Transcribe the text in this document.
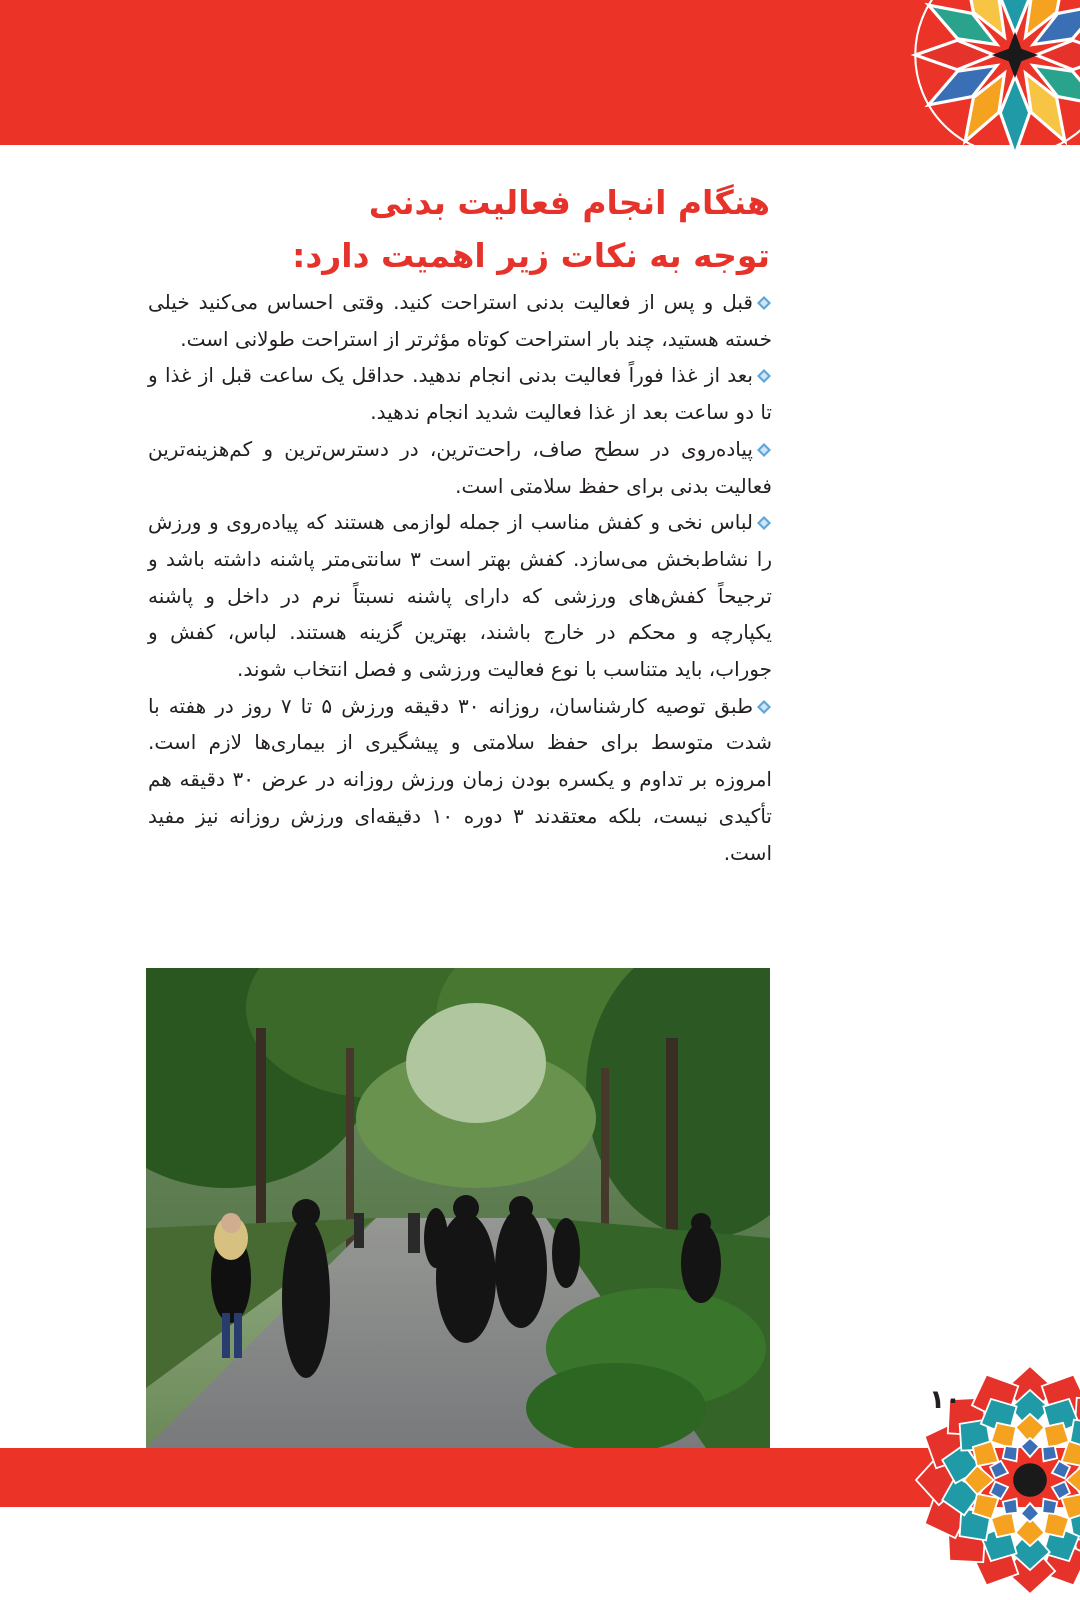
هنگام انجام فعالیت بدنی
توجه به نکات زیر اهمیت دارد:

قبل و پس از فعالیت بدنی استراحت کنید. وقتی احساس می‌کنید خیلی خسته هستید، چند بار استراحت کوتاه مؤثرتر از استراحت طولانی است.

بعد از غذا فوراً فعالیت بدنی انجام ندهید. حداقل یک ساعت قبل از غذا و تا دو ساعت بعد از غذا فعالیت شدید انجام ندهید.

پیاده‌روی در سطح صاف، راحت‌ترین، در دسترس‌ترین و کم‌هزینه‌ترین فعالیت بدنی برای حفظ سلامتی است.

لباس نخی و کفش مناسب از جمله لوازمی هستند که پیاده‌روی و ورزش را نشاط‌بخش می‌سازد. کفش بهتر است ۳ سانتی‌متر پاشنه داشته باشد و ترجیحاً کفش‌های ورزشی که دارای پاشنه نسبتاً نرم در داخل و پاشنه یکپارچه و محکم در خارج باشند، بهترین گزینه هستند. لباس، کفش و جوراب، باید متناسب با نوع فعالیت ورزشی و فصل انتخاب شوند.

طبق توصیه کارشناسان، روزانه ۳۰ دقیقه ورزش ۵ تا ۷ روز در هفته با شدت متوسط برای حفظ سلامتی و پیشگیری از بیماری‌ها لازم است. امروزه بر تداوم و یکسره بودن زمان ورزش روزانه در عرض ۳۰ دقیقه هم تأکیدی نیست، بلکه معتقدند ۳ دوره ۱۰ دقیقه‌ای ورزش روزانه نیز مفید است.

۱۰
